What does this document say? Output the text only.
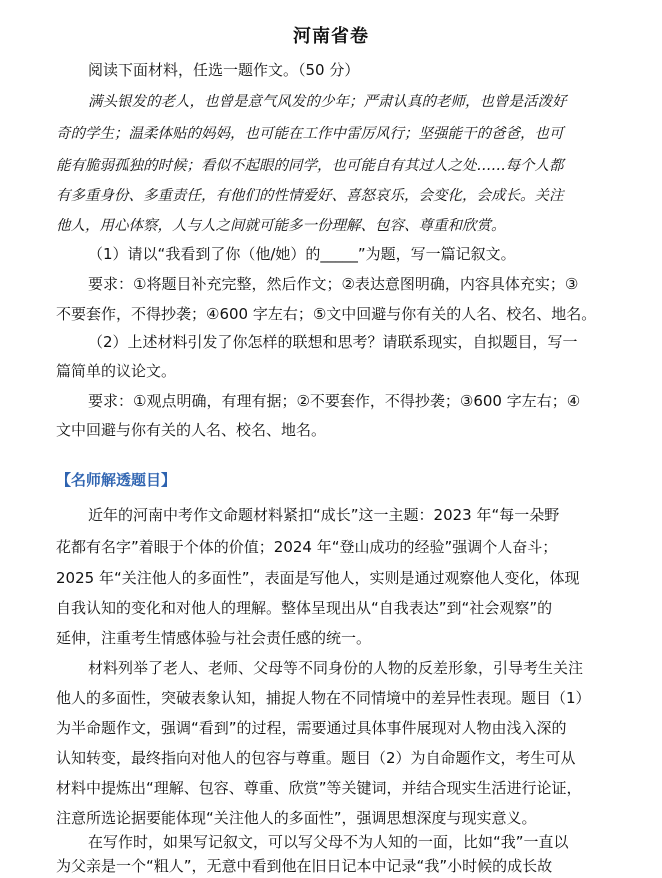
河南省卷
阅读下面材料，任选一题作文。（50 分）
满头银发的老人，也曾是意气风发的少年；严肃认真的老师，也曾是活泼好
奇的学生；温柔体贴的妈妈，也可能在工作中雷厉风行；坚强能干的爸爸，也可
能有脆弱孤独的时候；看似不起眼的同学，也可能自有其过人之处……每个人都
有多重身份、多重责任，有他们的性情爱好、喜怒哀乐，会变化，会成长。关注
他人，用心体察，人与人之间就可能多一份理解、包容、尊重和欣赏。
（1）请以“我看到了你（他/她）的_____”为题，写一篇记叙文。
要求：①将题目补充完整，然后作文；②表达意图明确，内容具体充实；③
不要套作，不得抄袭；④600 字左右；⑤文中回避与你有关的人名、校名、地名。
（2）上述材料引发了你怎样的联想和思考？请联系现实，自拟题目，写一
篇简单的议论文。
要求：①观点明确，有理有据；②不要套作，不得抄袭；③600 字左右；④
文中回避与你有关的人名、校名、地名。
【名师解透题目】
近年的河南中考作文命题材料紧扣“成长”这一主题：2023 年“每一朵野
花都有名字”着眼于个体的价值；2024 年“登山成功的经验”强调个人奋斗；
2025 年“关注他人的多面性”，表面是写他人，实则是通过观察他人变化，体现
自我认知的变化和对他人的理解。整体呈现出从“自我表达”到“社会观察”的
延伸，注重考生情感体验与社会责任感的统一。
材料列举了老人、老师、父母等不同身份的人物的反差形象，引导考生关注
他人的多面性，突破表象认知，捕捉人物在不同情境中的差异性表现。题目（1）
为半命题作文，强调“看到”的过程，需要通过具体事件展现对人物由浅入深的
认知转变，最终指向对他人的包容与尊重。题目（2）为自命题作文，考生可从
材料中提炼出“理解、包容、尊重、欣赏”等关键词，并结合现实生活进行论证，
注意所选论据要能体现“关注他人的多面性”，强调思想深度与现实意义。
在写作时，如果写记叙文，可以写父母不为人知的一面，比如“我”一直以
为父亲是一个“粗人”，无意中看到他在旧日记本中记录“我”小时候的成长故
